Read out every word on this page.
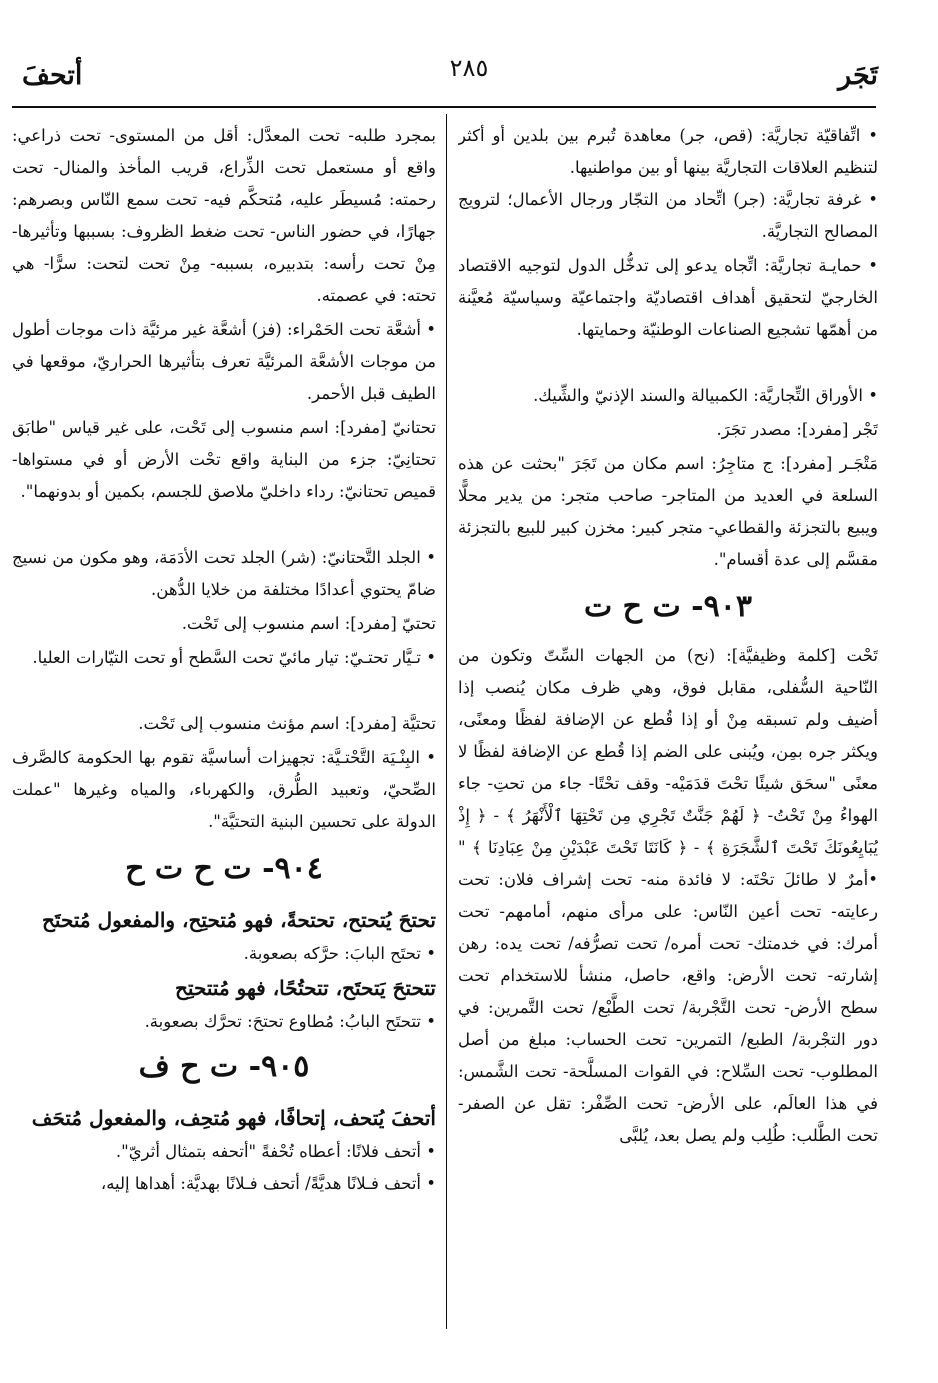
تَجَر
٢٨٥
أتحفَ

• اتِّفاقيّة تجاريَّة: (قص، جر) معاهدة تُبرم بين بلدين أو أكثر لتنظيم العلاقات التجاريَّة بينها أو بين مواطنيها.

• غرفة تجاريَّة: (جر) اتِّحاد من التجّار ورجال الأعمال؛ لترويج المصالح التجاريَّة.

• حمايـة تجاريَّة: اتِّجاه يدعو إلى تدخُّل الدول لتوجيه الاقتصاد الخارجيّ لتحقيق أهداف اقتصاديّة واجتماعيّة وسياسيّة مُعيَّنة من أهمّها تشجيع الصناعات الوطنيّة وحمايتها.

• الأوراق التِّجاريَّة: الكمبيالة والسند الإذنيّ والشِّيك.

تَجْر [مفرد]: مصدر تجَرَ.

مَتْجَـر [مفرد]: ج متاجِرُ: اسم مكان من تَجَرَ "بحثت عن هذه السلعة في العديد من المتاجر- صاحب متجر: من يدير محلًّا ويبيع بالتجزئة والقطاعي- متجر كبير: مخزن كبير للبيع بالتجزئة مقسَّم إلى عدة أقسام".

٩٠٣- ت ح ت

تَحْت [كلمة وظيفيَّة]: (نح) من الجهات السِّتّ وتكون من النّاحية السُّفلى، مقابل فوق، وهي ظرف مكان يُنصب إذا أضيف ولم تسبقه مِنْ أو إذا قُطع عن الإضافة لفظًا ومعنًى، ويكثر جره بمِن، ويُبنى على الضم إذا قُطع عن الإضافة لفظًا لا معنًى "سحَق شيئًا تحْتَ قدَمَيْه- وقف تحْتًا- جاء من تحتِ- جاء الهواءُ مِنْ تَحْتُ- ﴿ لَهُمْ جَنَّتٌ تَجْرِي مِن تَحْتِهَا ٱلْأَنْهَرُ ﴾ - ﴿ إِذْ يُبَايِعُونَكَ تَحْتَ ٱلشَّجَرَةِ ﴾ - ﴿ كَانَتَا تَحْتَ عَبْدَيْنِ مِنْ عِبَادِنَا ﴾ " •أمرٌ لا طائلَ تحْتَه: لا فائدة منه- تحت إشراف فلان: تحت رعايته- تحت أعين النّاس: على مرأى منهم، أمامهم- تحت أمرك: في خدمتك- تحت أمره/ تحت تصرُّفه/ تحت يده: رهن إشارته- تحت الأرض: واقع، حاصل، منشأ للاستخدام تحت سطح الأرض- تحت التَّجْربة/ تحت الطَّبْع/ تحت التَّمرين: في دور التجْربة/ الطبع/ التمرين- تحت الحساب: مبلغ من أصل المطلوب- تحت السِّلاح: في القوات المسلَّحة- تحت الشَّمس: في هذا العالَم، على الأرض- تحت الصِّفْر: تقل عن الصفر- تحت الطَّلب: طُلِب ولم يصل بعد، يُلبَّى

بمجرد طلبه- تحت المعدَّل: أقل من المستوى- تحت ذراعي: واقع أو مستعمل تحت الذِّراع، قريب المأخذ والمنال- تحت رحمته: مُسيطَر عليه، مُتحكَّم فيه- تحت سمع النّاس وبصرهم: جهارًا، في حضور الناس- تحت ضغط الظروف: بسببها وتأثيرها- مِنْ تحت رأسه: بتدبيره، بسببه- مِنْ تحت لتحت: سرًّا- هي تحته: في عصمته.

• أشعَّة تحت الحَمْراء: (فز) أشعَّة غير مرئيَّة ذات موجات أطول من موجات الأشعَّة المرئيَّة تعرف بتأثيرها الحراريّ، موقعها في الطيف قبل الأحمر.

تحتانيّ [مفرد]: اسم منسوب إلى تَحْت، على غير قياس "طابَق تحتانِيّ: جزء من البناية واقع تحْت الأرض أو في مستواها- قميص تحتانيّ: رداء داخليّ ملاصق للجسم، بكمين أو بدونهما".

• الجلد التَّحتانيّ: (شر) الجلد تحت الأدَمَة، وهو مكون من نسيج ضامّ يحتوي أعدادًا مختلفة من خلايا الدُّهن.

تحتيّ [مفرد]: اسم منسوب إلى تَحْت.

• تـيَّار تحتـيّ: تيار مائيّ تحت السَّطح أو تحت التيّارات العليا.

تحتيَّة [مفرد]: اسم مؤنث منسوب إلى تَحْت.

• البِنْـيَة التَّحْتـيَّة: تجهيزات أساسيَّة تقوم بها الحكومة كالصَّرف الصِّحيّ، وتعبيد الطُّرق، والكهرباء، والمياه وغيرها "عملت الدولة على تحسين البنية التحتيَّة".

٩٠٤- ت ح ت ح

تحتحَ يُتحتح، تحتحةً، فهو مُتحتِح، والمفعول مُتحتَح

• تحتَح البابَ: حرَّكه بصعوبة.

تتحتحَ يَتحتَح، تتحتُحًا، فهو مُتتحتِح

• تتحتَح البابُ: مُطاوع تحتحَ: تحرَّك بصعوبة.

٩٠٥- ت ح ف

أتحفَ يُتحف، إتحافًا، فهو مُتحِف، والمفعول مُتحَف

• أتحف فلانًا: أعطاه تُحْفةً "أتحفه بتمثال أثريّ".

• أتحف فـلانًا هديَّةً/ أتحف فـلانًا بهديَّة: أهداها إليه،
